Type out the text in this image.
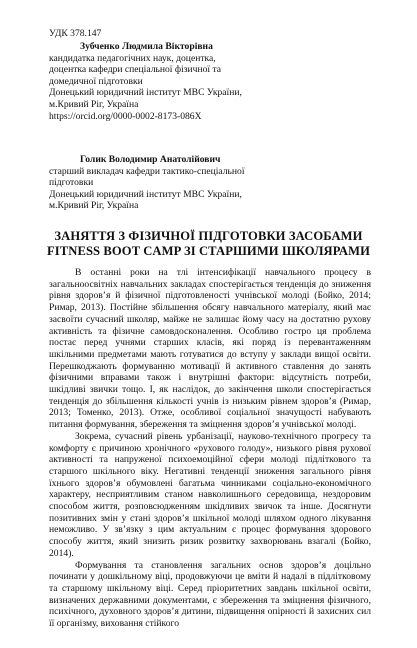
УДК 378.147
Зубченко Людмила Вікторівна
кандидатка педагогічних наук, доцентка,
доцентка кафедри спеціальної фізичної та
домедичної підготовки
Донецький юридичний інститут МВС України,
м.Кривий Ріг, Україна
https://orcid.org/0000-0002-8173-086X
Голик Володимир Анатолійович
старший викладач кафедри тактико-спеціальної
підготовки
Донецький юридичний інститут МВС України,
м.Кривий Ріг, Україна
ЗАНЯТТЯ З ФІЗИЧНОЇ ПІДГОТОВКИ ЗАСОБАМИ
FITNESS BOOT CAMP ЗІ СТАРШИМИ ШКОЛЯРАМИ

В останні роки на тлі інтенсифікації навчального процесу в загальноосвітніх навчальних закладах спостерігається тенденція до зниження рівня здоров’я й фізичної підготовленості учнівської молоді (Бойко, 2014; Римар, 2013). Постійне збільшення обсягу навчального матеріалу, який має засвоїти сучасний школяр, майже не залишає йому часу на достатню рухову активність та фізичне самовдосконалення. Особливо гостро ця проблема постає перед учнями старших класів, які поряд із перевантаженням шкільними предметами мають готуватися до вступу у заклади вищої освіти. Перешкоджають формуванню мотивації й активного ставлення до занять фізичними вправами також і внутрішні фактори: відсутність потреби, шкідливі звички тощо. І, як наслідок, до закінчення школи спостерігається тенденція до збільшення кількості учнів із низьким рівнем здоров’я (Римар, 2013; Томенко, 2013). Отже, особливої соціальної значущості набувають питання формування, збереження та зміцнення здоров’я учнівської молоді.

Зокрема, сучасний рівень урбанізації, науково-технічного прогресу та комфорту є причиною хронічного «рухового голоду», низького рівня рухової активності та напруженої психоемоційної сфери молоді підліткового та старшого шкільного віку. Негативні тенденції зниження загального рівня їхнього здоров’я обумовлені багатьма чинниками соціально-економічного характеру, несприятливим станом навколишнього середовища, нездоровим способом життя, розповсюдженням шкідливих звичок та інше. Досягнути позитивних змін у стані здоров’я шкільної молоді шляхом одного лікування неможливо. У зв’язку з цим актуальним є процес формування здорового способу життя, який знизить ризик розвитку захворювань взагалі (Бойко, 2014).

Формування та становлення загальних основ здоров’я доцільно починати у дошкільному віці, продовжуючи це вміти й надалі в підлітковому та старшому шкільному віці. Серед пріоритетних завдань шкільної освіти, визначених державними документами, є збереження та зміцнення фізичного, психічного, духовного здоров’я дитини, підвищення опірності й захисних сил її організму, виховання стійкого
